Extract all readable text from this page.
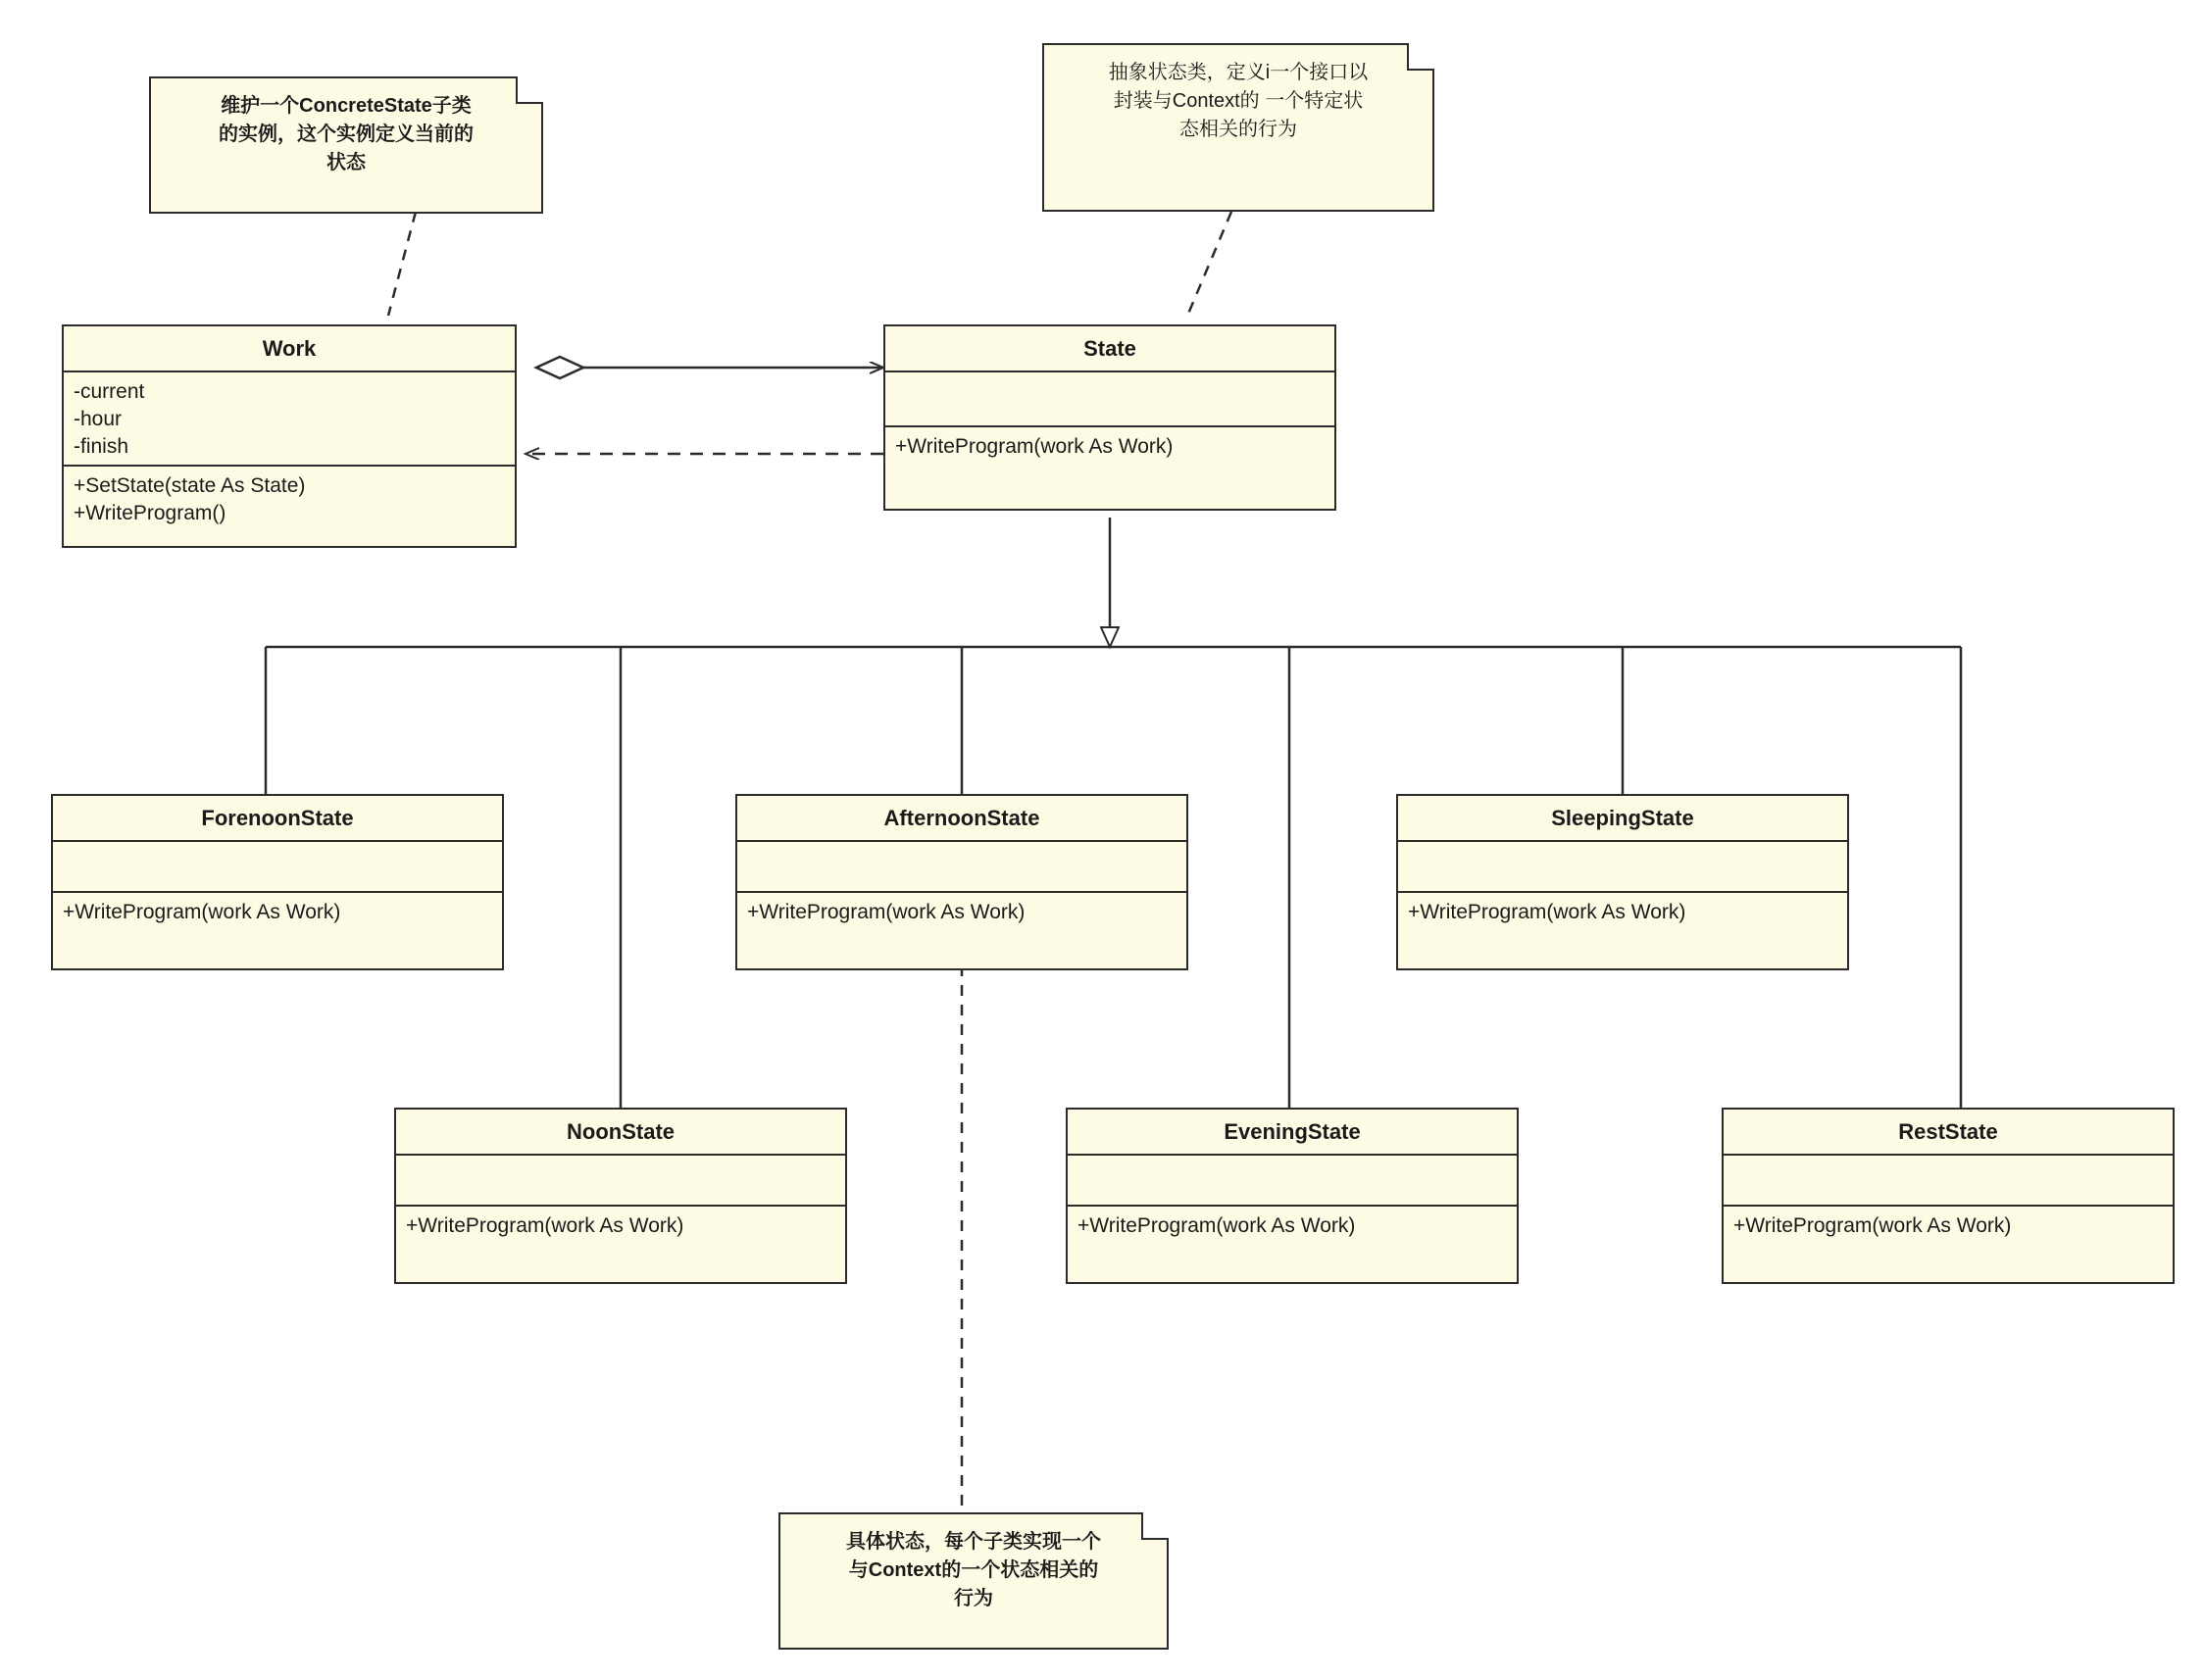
维护一个ConcreteState子类
的实例，这个实例定义当前的
状态
抽象状态类，定义i一个接口以
封装与Context的 一个特定状
态相关的行为
具体状态，每个子类实现一个
与Context的一个状态相关的
行为
Work
-current
-hour
-finish
+SetState(state As State)
+WriteProgram()
State
+WriteProgram(work As Work)
ForenoonState
+WriteProgram(work As Work)
AfternoonState
+WriteProgram(work As Work)
SleepingState
+WriteProgram(work As Work)
NoonState
+WriteProgram(work As Work)
EveningState
+WriteProgram(work As Work)
RestState
+WriteProgram(work As Work)
